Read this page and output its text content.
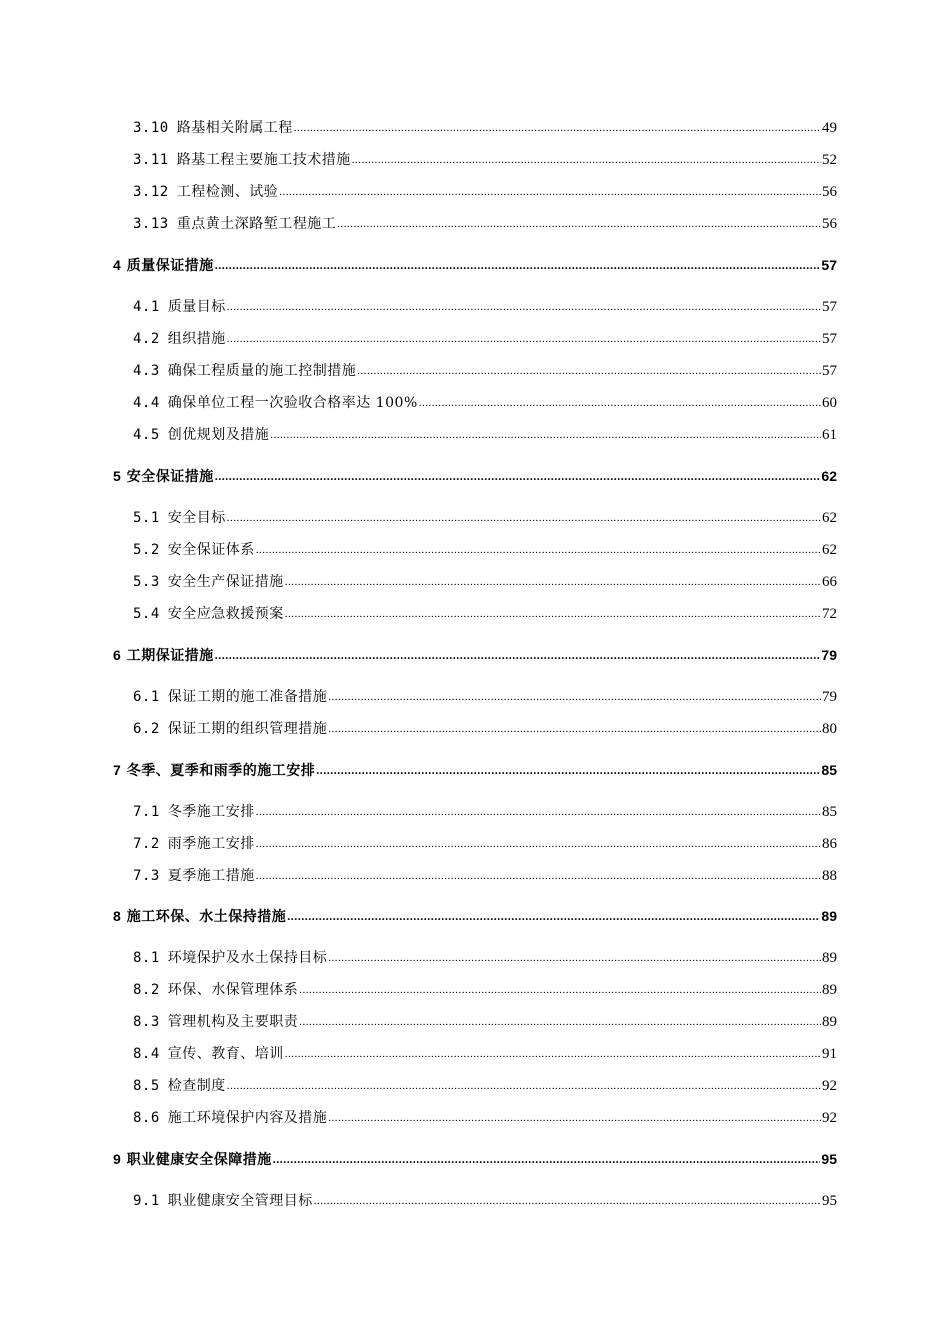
3.10 路基相关附属工程 .....	49
3.11 路基工程主要施工技术措施 .....	52
3.12 工程检测、试验 .....	56
3.13 重点黄土深路堑工程施工 .....	56
4 质量保证措施 .....	57
4.1 质量目标 .....	57
4.2 组织措施 .....	57
4.3 确保工程质量的施工控制措施 .....	57
4.4 确保单位工程一次验收合格率达 100% .....	60
4.5 创优规划及措施 .....	61
5 安全保证措施 .....	62
5.1 安全目标 .....	62
5.2 安全保证体系 .....	62
5.3 安全生产保证措施 .....	66
5.4 安全应急救援预案 .....	72
6 工期保证措施 .....	79
6.1 保证工期的施工准备措施 .....	79
6.2 保证工期的组织管理措施 .....	80
7 冬季、夏季和雨季的施工安排 .....	85
7.1 冬季施工安排 .....	85
7.2 雨季施工安排 .....	86
7.3 夏季施工措施 .....	88
8 施工环保、水土保持措施 .....	89
8.1 环境保护及水土保持目标 .....	89
8.2 环保、水保管理体系 .....	89
8.3 管理机构及主要职责 .....	89
8.4 宣传、教育、培训 .....	91
8.5 检查制度 .....	92
8.6 施工环境保护内容及措施 .....	92
9 职业健康安全保障措施 .....	95
9.1 职业健康安全管理目标 .....	95
